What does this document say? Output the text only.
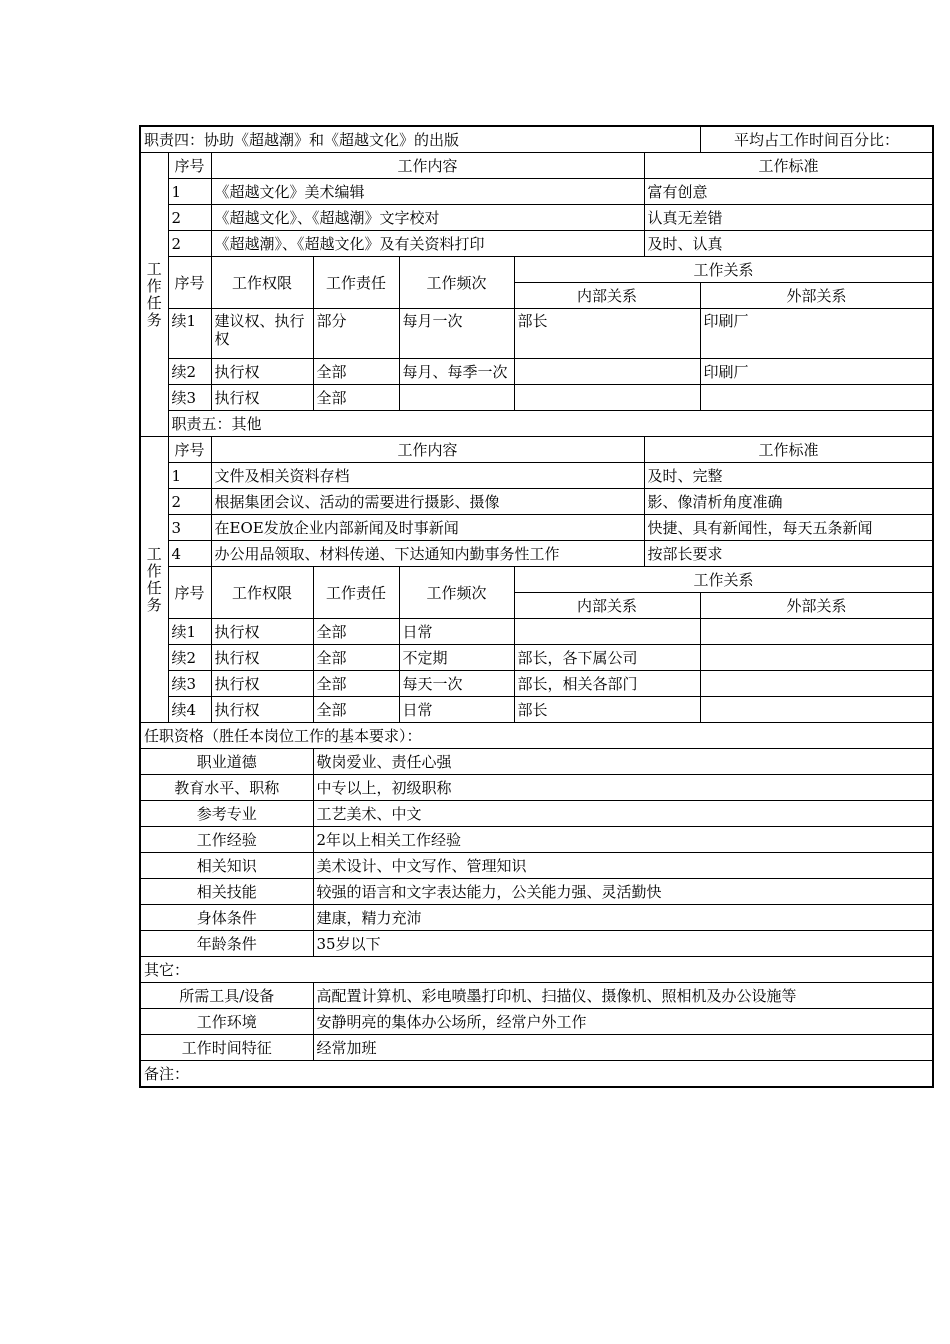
职责四：协助《超越潮》和《超越文化》的出版							平均占工作时间百分比：	
工作任务	序号	工作内容				工作标准		
	1	《超越文化》美术编辑				富有创意		
	2	《超越文化》、《超越潮》文字校对				认真无差错		
	2	《超越潮》、《超越文化》及有关资料打印				及时、认真		
	序号	工作权限	工作责任	工作频次	工作关系			
					内部关系		外部关系	
	续1	建议权、执行权	部分	每月一次	部长		印刷厂	
	续2	执行权	全部	每月、每季一次			印刷厂	
	续3	执行权	全部					
	职责五：其他	
工作任务	序号	工作内容				工作标准		
	1	文件及相关资料存档				及时、完整		
	2	根据集团会议、活动的需要进行摄影、摄像				影、像清析角度准确		
	3	在EOE发放企业内部新闻及时事新闻				快捷、具有新闻性，每天五条新闻		
	4	办公用品领取、材料传递、下达通知内勤事务性工作				按部长要求		
	序号	工作权限	工作责任	工作频次	工作关系			
					内部关系		外部关系	
	续1	执行权	全部	日常				
	续2	执行权	全部	不定期	部长，各下属公司			
	续3	执行权	全部	每天一次	部长，相关各部门			
	续4	执行权	全部	日常	部长			
任职资格（胜任本岗位工作的基本要求）：								
职业道德			敬岗爱业、责任心强					
教育水平、职称			中专以上，初级职称					
参考专业			工艺美术、中文					
工作经验			2年以上相关工作经验					
相关知识			美术设计、中文写作、管理知识					
相关技能			较强的语言和文字表达能力，公关能力强、灵活勤快					
身体条件			建康，精力充沛					
年龄条件			35岁以下					
其它：								
所需工具/设备			高配置计算机、彩电喷墨打印机、扫描仪、摄像机、照相机及办公设施等					
工作环境			安静明亮的集体办公场所，经常户外工作					
工作时间特征			经常加班					
备注：								
